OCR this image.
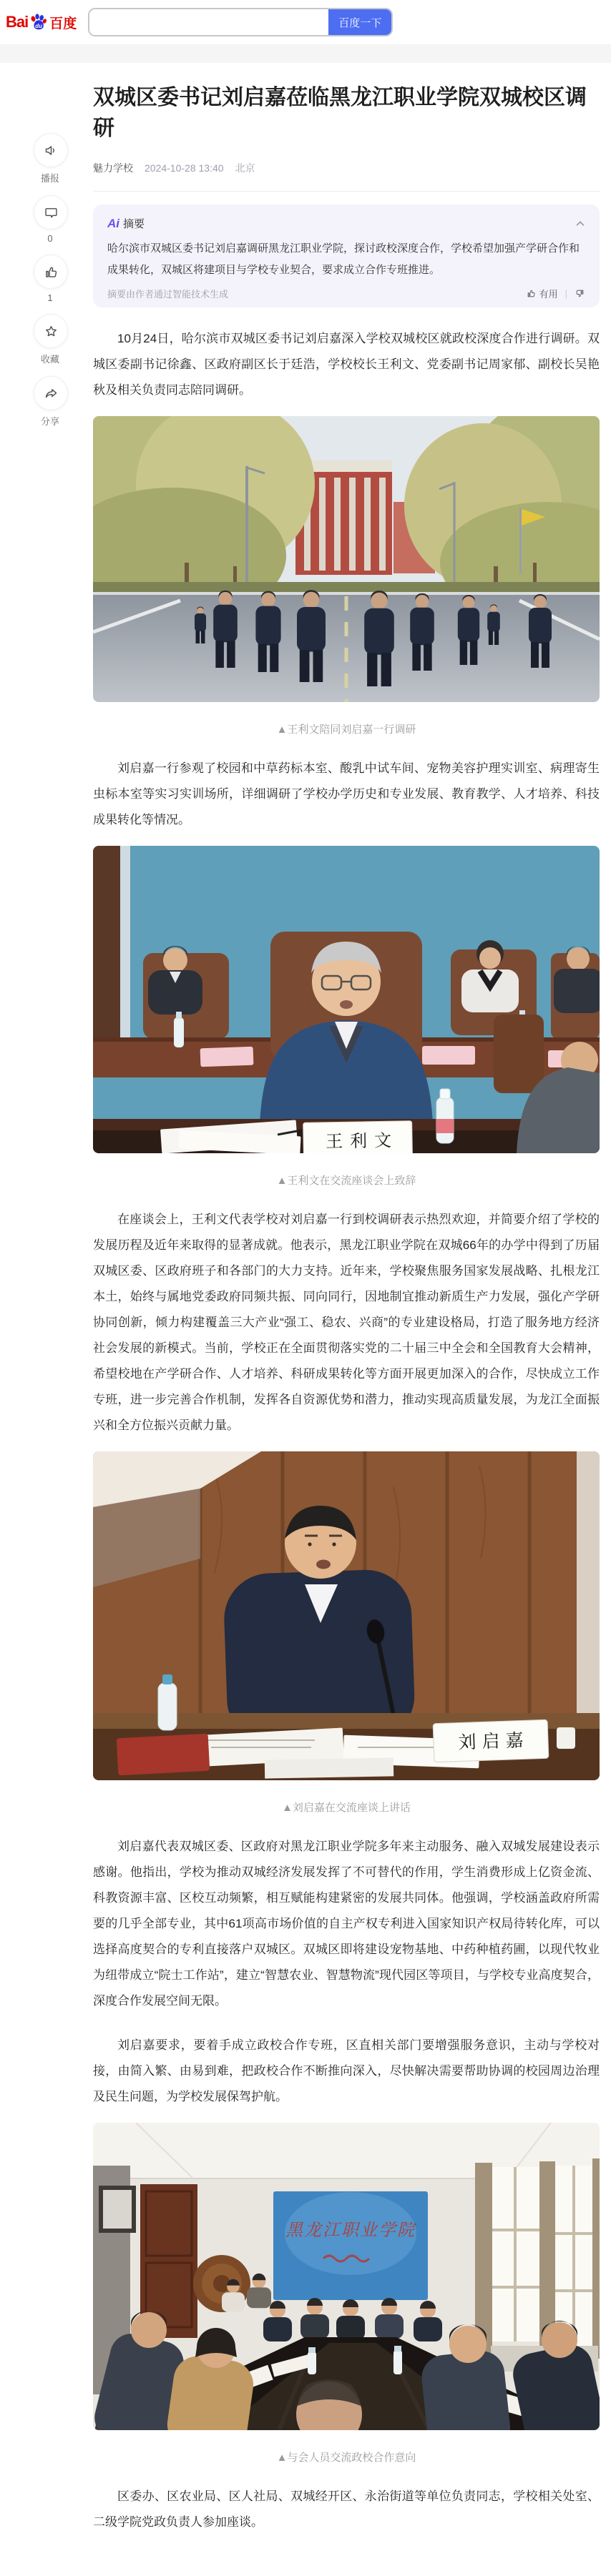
Bai du 百度	百度一下
播报
0
1
收藏
分享
双城区委书记刘启嘉莅临黑龙江职业学院双城校区调研
魅力学校 2024-10-28 13:40 北京
Ai 摘要
哈尔滨市双城区委书记刘启嘉调研黑龙江职业学院，探讨政校深度合作，学校希望加强产学研合作和成果转化，双城区将建项目与学校专业契合，要求成立合作专班推进。
摘要由作者通过智能技术生成	有用 |

10月24日，哈尔滨市双城区委书记刘启嘉深入学校双城校区就政校深度合作进行调研。双城区委副书记徐鑫、区政府副区长于廷浩，学校校长王利文、党委副书记周家郁、副校长吴艳秋及相关负责同志陪同调研。

▲王利文陪同刘启嘉一行调研

刘启嘉一行参观了校园和中草药标本室、酸乳中试车间、宠物美容护理实训室、病理寄生虫标本室等实习实训场所，详细调研了学校办学历史和专业发展、教育教学、人才培养、科技成果转化等情况。

王利文
▲王利文在交流座谈会上致辞

在座谈会上，王利文代表学校对刘启嘉一行到校调研表示热烈欢迎，并简要介绍了学校的发展历程及近年来取得的显著成就。他表示，黑龙江职业学院在双城66年的办学中得到了历届双城区委、区政府班子和各部门的大力支持。近年来，学校聚焦服务国家发展战略、扎根龙江本土，始终与属地党委政府同频共振、同向同行，因地制宜推动新质生产力发展，强化产学研协同创新，倾力构建覆盖三大产业“强工、稳农、兴商”的专业建设格局，打造了服务地方经济社会发展的新模式。当前，学校正在全面贯彻落实党的二十届三中全会和全国教育大会精神，希望校地在产学研合作、人才培养、科研成果转化等方面开展更加深入的合作，尽快成立工作专班，进一步完善合作机制，发挥各自资源优势和潜力，推动实现高质量发展，为龙江全面振兴和全方位振兴贡献力量。

刘启嘉
▲刘启嘉在交流座谈上讲话

刘启嘉代表双城区委、区政府对黑龙江职业学院多年来主动服务、融入双城发展建设表示感谢。他指出，学校为推动双城经济发展发挥了不可替代的作用，学生消费形成上亿资金流、科教资源丰富、区校互动频繁，相互赋能构建紧密的发展共同体。他强调，学校涵盖政府所需要的几乎全部专业，其中61项高市场价值的自主产权专利进入国家知识产权局待转化库，可以选择高度契合的专利直接落户双城区。双城区即将建设宠物基地、中药种植药圃，以现代牧业为纽带成立“院士工作站”，建立“智慧农业、智慧物流”现代园区等项目，与学校专业高度契合，深度合作发展空间无限。

刘启嘉要求，要着手成立政校合作专班，区直相关部门要增强服务意识，主动与学校对接，由简入繁、由易到难，把政校合作不断推向深入，尽快解决需要帮助协调的校园周边治理及民生问题，为学校发展保驾护航。

黑龙江职业学院
▲与会人员交流政校合作意向

区委办、区农业局、区人社局、双城经开区、永治街道等单位负责同志，学校相关处室、二级学院党政负责人参加座谈。
